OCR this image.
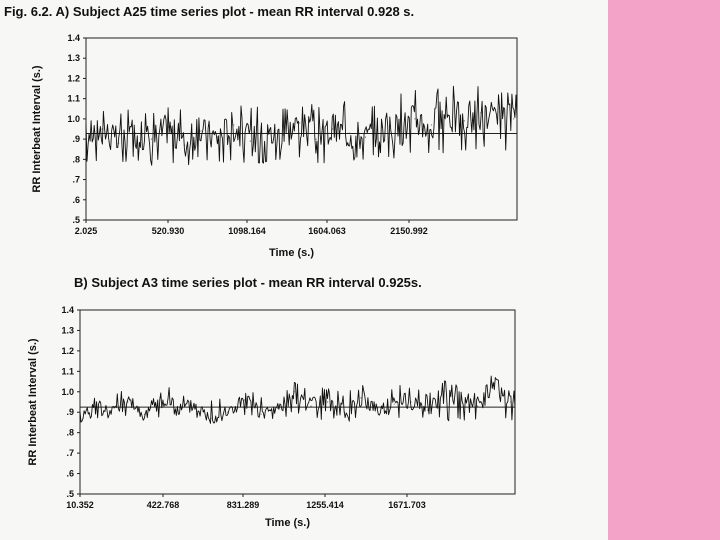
Fig. 6.2. A) Subject A25 time series plot - mean RR interval 0.928 s.
B) Subject A3 time series plot - mean RR interval 0.925s.
.5
.6
.7
.8
.9
1.0
1.1
1.2
1.3
1.4
2.025	520.930	1098.164	1604.063	2150.992
Time (s.)
RR Interbeat Interval (s.)
.5
.6
.7
.8
.9
1.0
1.1
1.2
1.3
1.4
10.352	422.768	831.289	1255.414	1671.703
Time (s.)
RR Interbeat Interval (s.)
